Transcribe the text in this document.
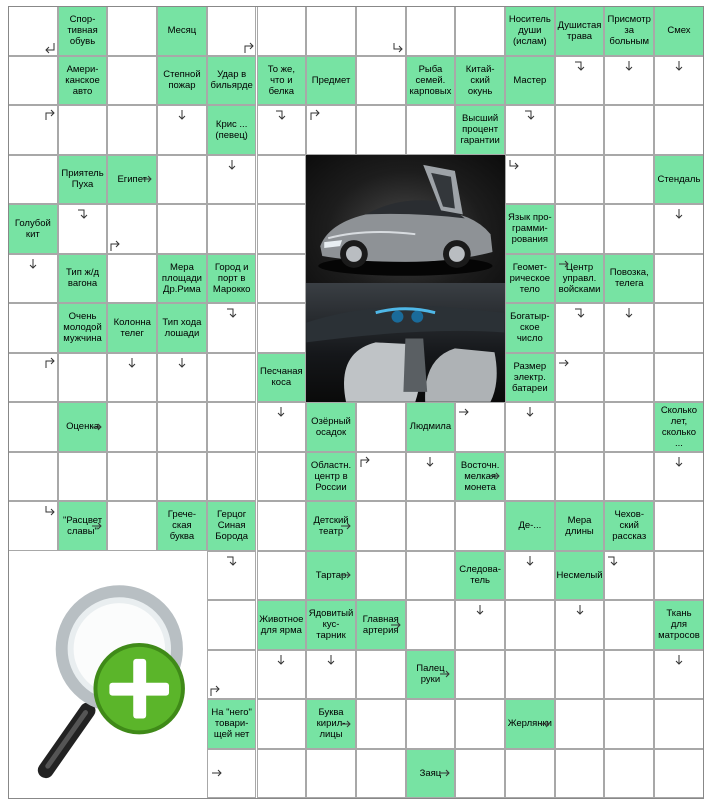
Спор-
тивная
обувь
Месяц
Носитель
души
(ислам)
Душистая
трава
Присмотр
за
больным
Смех
Амери-
канское
авто
Степной
пожар
Удар в
бильярде
То же,
что и
белка
Предмет
Рыба
семей.
карповых
Китай-
ский
окунь
Мастер
Крис ...
(певец)
Высший
процент
гарантии
Приятель
Пуха	Египет	Стендаль
Голубой
кит
Язык про-
грамми-
рования
Тип ж/д
вагона
Мера
площади
Др.Рима
Город и
порт в
Марокко
Геомет-
рическое
тело
Центр
управл.
войсками
Повозка,
телега
Очень
молодой
мужчина
Колонна
телег
Тип хода
лошади
Богатыр-
ское
число
Песчаная
коса
Размер
электр.
батареи
Оценка	Озёрный
осадок	Людмила
Сколько
лет,
сколько
...
Областн.
центр в
России
Восточн.
мелкая
монета
"Расцвет
славы"
Грече-
ская
буква
Герцог
Синая
Борода
Детский
театр	Де-...	Мера
длины
Чехов-
ский
рассказ
Тартар	Следова-
тель	Несмелый
Животное
для ярма
Ядовитый
кус-
тарник
Главная
артерия
Ткань
для
матросов
Палец
руки
На "него"
товари-
щей нет
Буква
кирил-
лицы
Жерлянки
Заяц
